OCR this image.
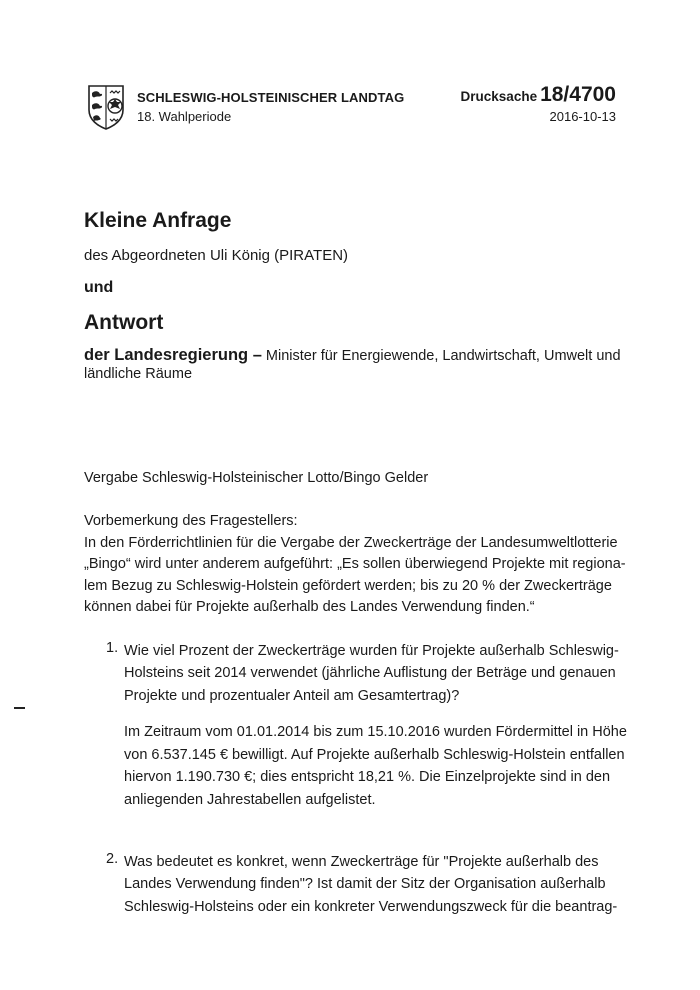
SCHLESWIG-HOLSTEINISCHER LANDTAG
18. Wahlperiode
Drucksache 18/4700
2016-10-13
Kleine Anfrage
des Abgeordneten Uli König (PIRATEN)
und
Antwort
der Landesregierung – Minister für Energiewende, Landwirtschaft, Umwelt und
ländliche Räume
Vergabe Schleswig-Holsteinischer Lotto/Bingo Gelder
Vorbemerkung des Fragestellers:
In den Förderrichtlinien für die Vergabe der Zweckerträge der Landesumweltlotterie
„Bingo“ wird unter anderem aufgeführt: „Es sollen überwiegend Projekte mit regiona-
lem Bezug zu Schleswig-Holstein gefördert werden; bis zu 20 % der Zweckerträge
können dabei für Projekte außerhalb des Landes Verwendung finden.“
1. Wie viel Prozent der Zweckerträge wurden für Projekte außerhalb Schleswig-
Holsteins seit 2014 verwendet (jährliche Auflistung der Beträge und genauen
Projekte und prozentualer Anteil am Gesamtertrag)?
Im Zeitraum vom 01.01.2014 bis zum 15.10.2016 wurden Fördermittel in Höhe
von 6.537.145 € bewilligt. Auf Projekte außerhalb Schleswig-Holstein entfallen
hiervon 1.190.730 €; dies entspricht 18,21 %. Die Einzelprojekte sind in den
anliegenden Jahrestabellen aufgelistet.
2. Was bedeutet es konkret, wenn Zweckerträge für "Projekte außerhalb des
Landes Verwendung finden"? Ist damit der Sitz der Organisation außerhalb
Schleswig-Holsteins oder ein konkreter Verwendungszweck für die beantrag-
